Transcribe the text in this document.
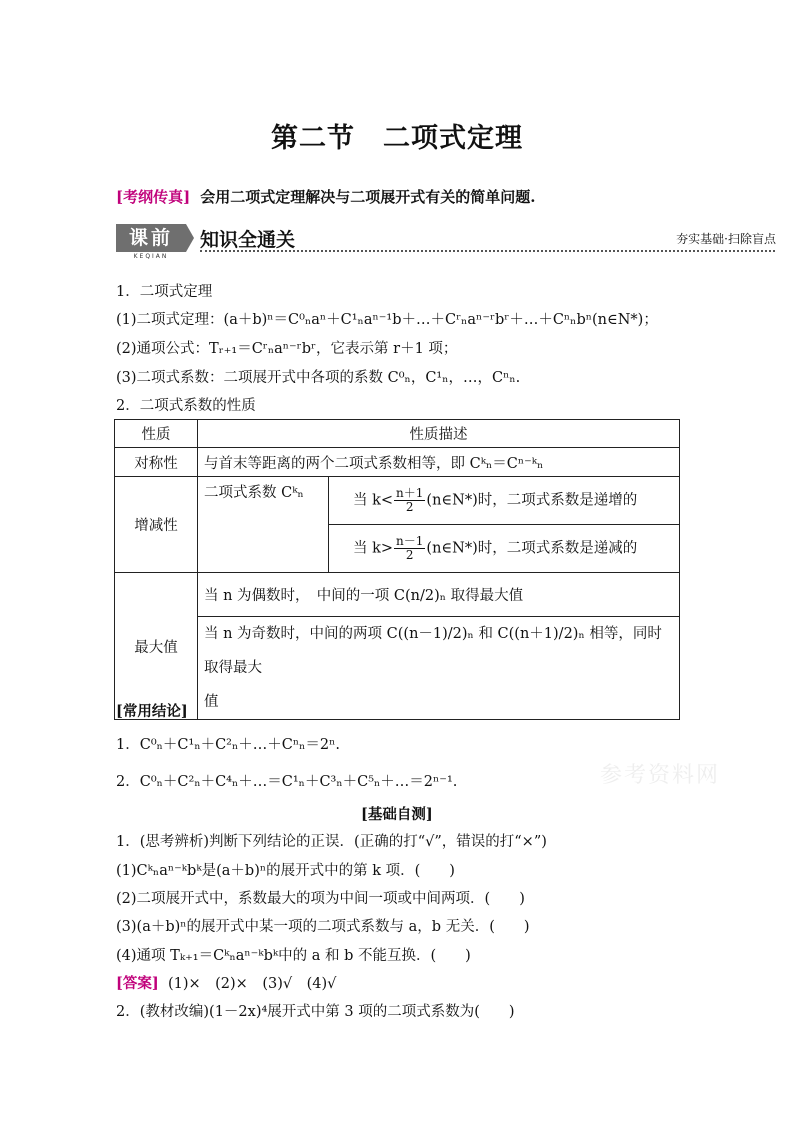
第二节　二项式定理
[考纲传真] 会用二项式定理解决与二项展开式有关的简单问题.
课前
KEQIAN
知识全通关	夯实基础·扫除盲点
1．二项式定理
(1)二项式定理：(a＋b)ⁿ＝C⁰ₙaⁿ＋C¹ₙaⁿ⁻¹b＋…＋Cʳₙaⁿ⁻ʳbʳ＋…＋Cⁿₙbⁿ(n∈N*)；
(2)通项公式：Tᵣ₊₁＝Cʳₙaⁿ⁻ʳbʳ，它表示第 r＋1 项；
(3)二项式系数：二项展开式中各项的系数 C⁰ₙ，C¹ₙ，…，Cⁿₙ.
2．二项式系数的性质
性质	性质描述	
对称性	与首末等距离的两个二项式系数相等，即 Cᵏₙ＝Cⁿ⁻ᵏₙ	
增减性	二项式系数 Cᵏₙ	当 $k< \frac{n+1}{2}$ (n∈N*)时，二项式系数是递增的
		当 $k> \frac{n-1}{2}$ (n∈N*)时，二项式系数是递减的
最大值	当 n 为偶数时，　中间的一项 C(n/2)ₙ 取得最大值	

	当 n 为奇数时，中间的两项 C((n－1)/2)ₙ 和 C((n＋1)/2)ₙ 相等，同时取得最大
值	
[常用结论]
1．C⁰ₙ＋C¹ₙ＋C²ₙ＋…＋Cⁿₙ＝2ⁿ.
2．C⁰ₙ＋C²ₙ＋C⁴ₙ＋…＝C¹ₙ＋C³ₙ＋C⁵ₙ＋…＝2ⁿ⁻¹.	参考资料网
[基础自测]
1．(思考辨析)判断下列结论的正误．(正确的打“√”，错误的打“×”)
(1)Cᵏₙaⁿ⁻ᵏbᵏ是(a＋b)ⁿ的展开式中的第 k 项．(　　)
(2)二项展开式中，系数最大的项为中间一项或中间两项．(　　)
(3)(a＋b)ⁿ的展开式中某一项的二项式系数与 a，b 无关．(　　)
(4)通项 Tₖ₊₁＝Cᵏₙaⁿ⁻ᵏbᵏ中的 a 和 b 不能互换．(　　)
[答案] (1)×　(2)×　(3)√　(4)√
2．(教材改编)(1－2x)⁴展开式中第 3 项的二项式系数为(　　)
